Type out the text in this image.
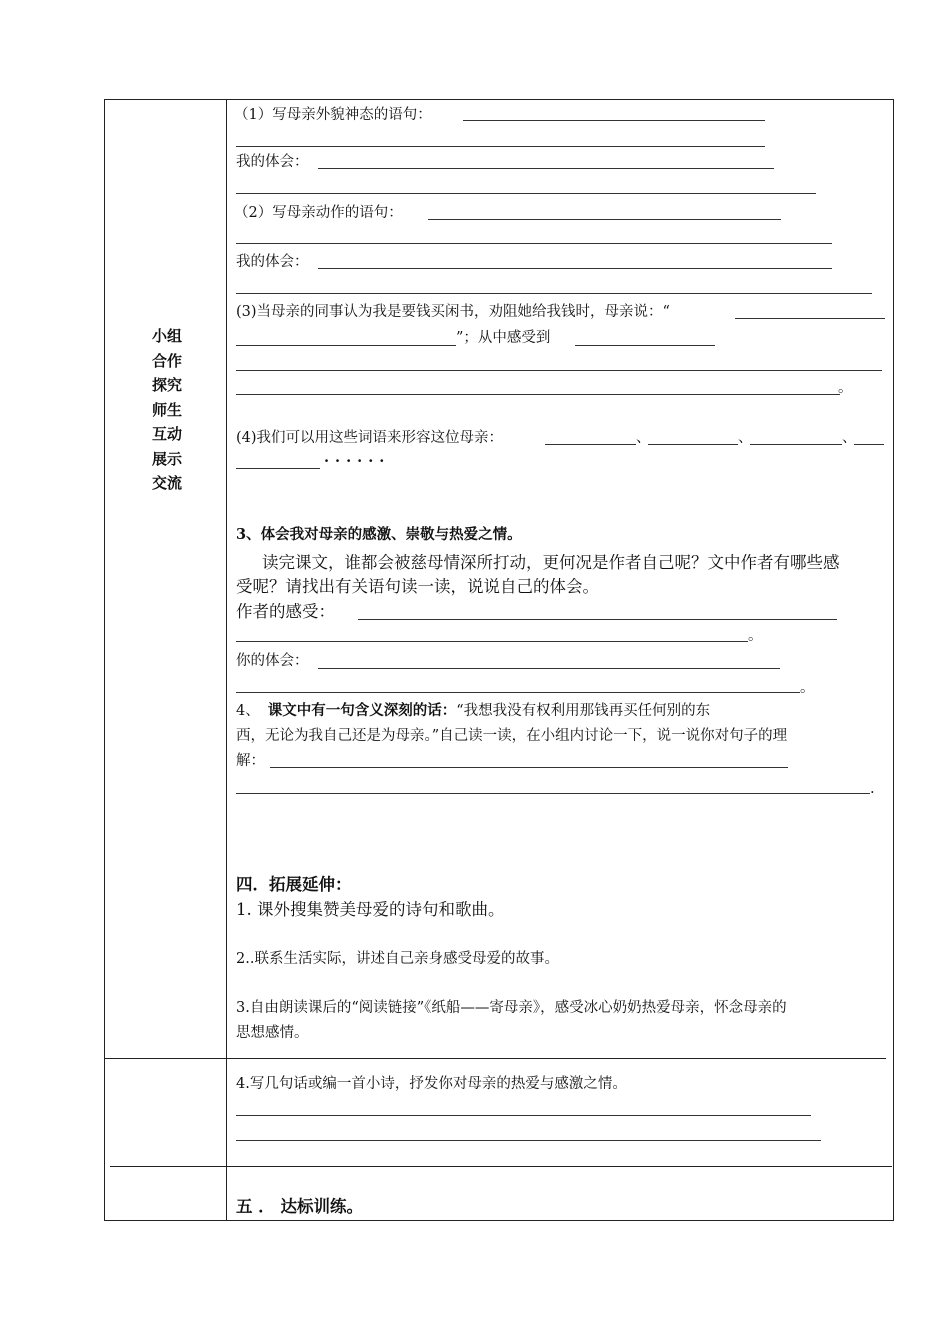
小组
合作
探究
师生
互动
展示
交流
（1）写母亲外貌神态的语句：
我的体会：
（2）写母亲动作的语句：
我的体会：
(3)当母亲的同事认为我是要钱买闲书，劝阻她给我钱时，母亲说：“
”；从中感受到
。
(4)我们可以用这些词语来形容这位母亲：	、	、	、
······
3、体会我对母亲的感激、崇敬与热爱之情。
读完课文，谁都会被慈母情深所打动，更何况是作者自己呢？文中作者有哪些感
受呢？请找出有关语句读一读，说说自己的体会。
作者的感受：
。
你的体会：
。
4、 课文中有一句含义深刻的话：“我想我没有权利用那钱再买任何别的东
西，无论为我自己还是为母亲。”自己读一读，在小组内讨论一下，说一说你对句子的理
解：
.
四．拓展延伸：
1. 课外搜集赞美母爱的诗句和歌曲。
2..联系生活实际，讲述自己亲身感受母爱的故事。
3.自由朗读课后的“阅读链接”《纸船——寄母亲》，感受冰心奶奶热爱母亲，怀念母亲的
思想感情。
4.写几句话或编一首小诗，抒发你对母亲的热爱与感激之情。
五 ． 达标训练。
